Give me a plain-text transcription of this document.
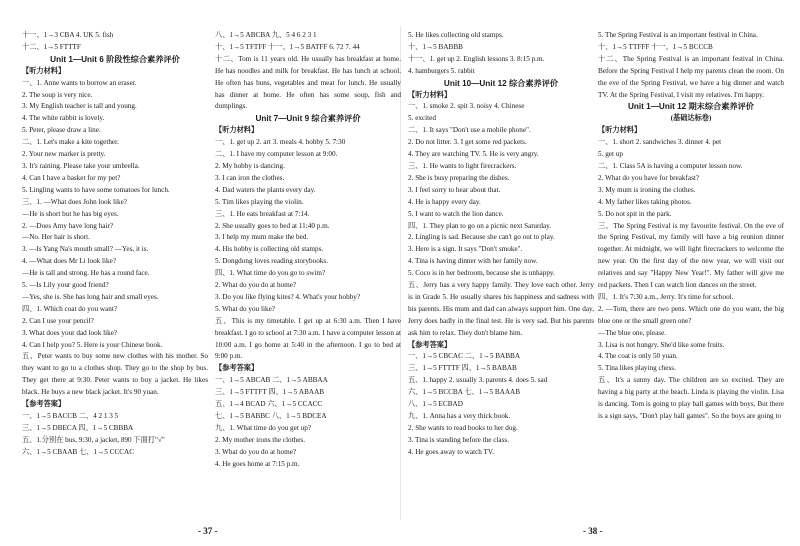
十一、1→3 CBA 4. UK 5. fish
十二、1→5 FTTTF
Unit 1—Unit 6 阶段性综合素养评价
【听力材料】
一、1. Anne wants to borrow an eraser.
2. The soup is very nice.
3. My English teacher is tall and young.
4. The white rabbit is lovely.
5. Peter, please draw a line.
二、1. Let's make a kite together.
2. Your new marker is pretty.
3. It's raining. Please take your umbrella.
4. Can I have a basket for my pet?
5. Lingling wants to have some tomatoes for lunch.
三、1. —What does John look like?
—He is short but he has big eyes.
2. —Does Amy have long hair?
—No. Her hair is short.
3. —Is Yang Na's mouth small? —Yes, it is.
4. —What does Mr Li look like?
—He is tall and strong. He has a round face.
5. —Is Lily your good friend?
—Yes, she is. She has long hair and small eyes.
四、1. Which coat do you want?
2. Can I use your pencil?
3. What does your dad look like?
4. Can I help you? 5. Here is your Chinese book.
五、Peter wants to buy some new clothes with his mother. So they want to go to a clothes shop. They go to the shop by bus. They get there at 9:30. Peter wants to buy a jacket. He likes black. He buys a new black jacket. It's 90 yuan.
【参考答案】
一、1→5 BACCB 二、4 2 1 3 5
三、1→5 DBECA 四、1→5 CBBBA
五、1.分别在 bus, 9:30, a jacket, 890 下面打"√"
六、1→5 CBAAB 七、1→5 CCCAC
八、1→5 ABCBA 九、5 4 6 2 3 1
十、1→5 TFTFF 十一、1→5 BATFF 6. 72 7. 44
十二、Tom is 11 years old. He usually has breakfast at home. He has noodles and milk for breakfast. He has lunch at school. He often has buns, vegetables and meat for lunch. He usually has dinner at home. He often has some soup, fish and dumplings.
Unit 7—Unit 9 综合素养评价
【听力材料】
一、1. get up 2. art 3. meals 4. hobby 5. 7:30
二、1. I have my computer lesson at 9:00.
2. My hobby is dancing.
3. I can iron the clothes.
4. Dad waters the plants every day.
5. Tim likes playing the violin.
三、1. He eats breakfast at 7:14.
2. She usually goes to bed at 11:40 p.m.
3. I help my mum make the bed.
4. His hobby is collecting old stamps.
5. Dongdong loves reading storybooks.
四、1. What time do you go to swim?
2. What do you do at home?
3. Do you like flying kites? 4. What's your hobby?
5. What do you like?
五、This is my timetable. I get up at 6:30 a.m. Then I have breakfast. I go to school at 7:30 a.m. I have a computer lesson at 10:00 a.m. I go home at 5:40 in the afternoon. I go to bed at 9:00 p.m.
【参考答案】
一、1→5 ABCAB 二、1→5 ABBAA
三、1→5 FTTFT 四、1→5 ABAAB
五、1→4 BCAD 六、1→5 CCACC
七、1→5 BABBC 八、1→5 BDCEA
九、1. What time do you get up?
2. My mother irons the clothes.
3. What do you do at home?
4. He goes home at 7:15 p.m.
5. He likes collecting old stamps.
十、1→5 BABBB
十一、1. get up 2. English lessons 3. 8:15 p.m.
4. hamburgers 5. rabbit
Unit 10—Unit 12 综合素养评价
【听力材料】
一、1. smoke 2. spit 3. noisy 4. Chinese
5. excited
二、1. It says "Don't use a mobile phone".
2. Do not litter. 3. I get some red packets.
4. They are watching TV. 5. He is very angry.
三、1. He wants to light firecrackers.
2. She is busy preparing the dishes.
3. I feel sorry to hear about that.
4. He is happy every day.
5. I want to watch the lion dance.
四、1. They plan to go on a picnic next Saturday.
2. Lingling is sad. Because she can't go out to play.
3. Here is a sign. It says "Don't smoke".
4. Tina is having dinner with her family now.
5. Coco is in her bedroom, because she is unhappy.
五、Jerry has a very happy family. They love each other. Jerry is in Grade 5. He usually shares his happiness and sadness with his parents. His mum and dad can always support him. One day, Jerry does badly in the final test. He is very sad. But his parents ask him to relax. They don't blame him.
【参考答案】
一、1→5 CBCAC 二、1→5 BABBA
三、1→5 FTTTF 四、1→5 BABAB
五、1. happy 2. usually 3. parents 4. does 5. sad
六、1→5 BCCBA 七、1→5 BAAAB
八、1→5 ECBAD
九、1. Anna has a very thick book.
2. She wants to read books to her dog.
3. Tina is standing before the class.
4. He goes away to watch TV.
5. The Spring Festival is an important festival in China.
十、1→5 TTFFF 十一、1→5 BCCCB
十二、The Spring Festival is an important festival in China. Before the Spring Festival I help my parents clean the room. On the eve of the Spring Festival, we have a big dinner and watch TV. At the Spring Festival, I visit my relatives. I'm happy.
Unit 1—Unit 12 期末综合素养评价
(基础达标卷)
【听力材料】
一、1. short 2. sandwiches 3. dinner 4. pet
5. get up
二、1. Class 5A is having a computer lesson now.
2. What do you have for breakfast?
3. My mum is ironing the clothes.
4. My father likes taking photos.
5. Do not spit in the park.
三、The Spring Festival is my favourite festival. On the eve of the Spring Festival, my family will have a big reunion dinner together. At midnight, we will light firecrackers to welcome the new year. On the first day of the new year, we will visit our relatives and say "Happy New Year!". My father will give me red packets. Then I can watch lion dances on the street.
四、1. It's 7:30 a.m., Jerry. It's time for school.
2. —Tom, there are two pens. Which one do you want, the big blue one or the small green one?
—The blue one, please.
3. Lisa is not hungry. She'd like some fruits.
4. The coat is only 50 yuan.
5. Tina likes playing chess.
五、It's a sunny day. The children are so excited. They are having a big party at the beach. Linda is playing the violin. Lisa is dancing. Tom is going to play ball games with boys. But there is a sign says, "Don't play ball games". So the boys are going to
- 37 -	- 38 -
